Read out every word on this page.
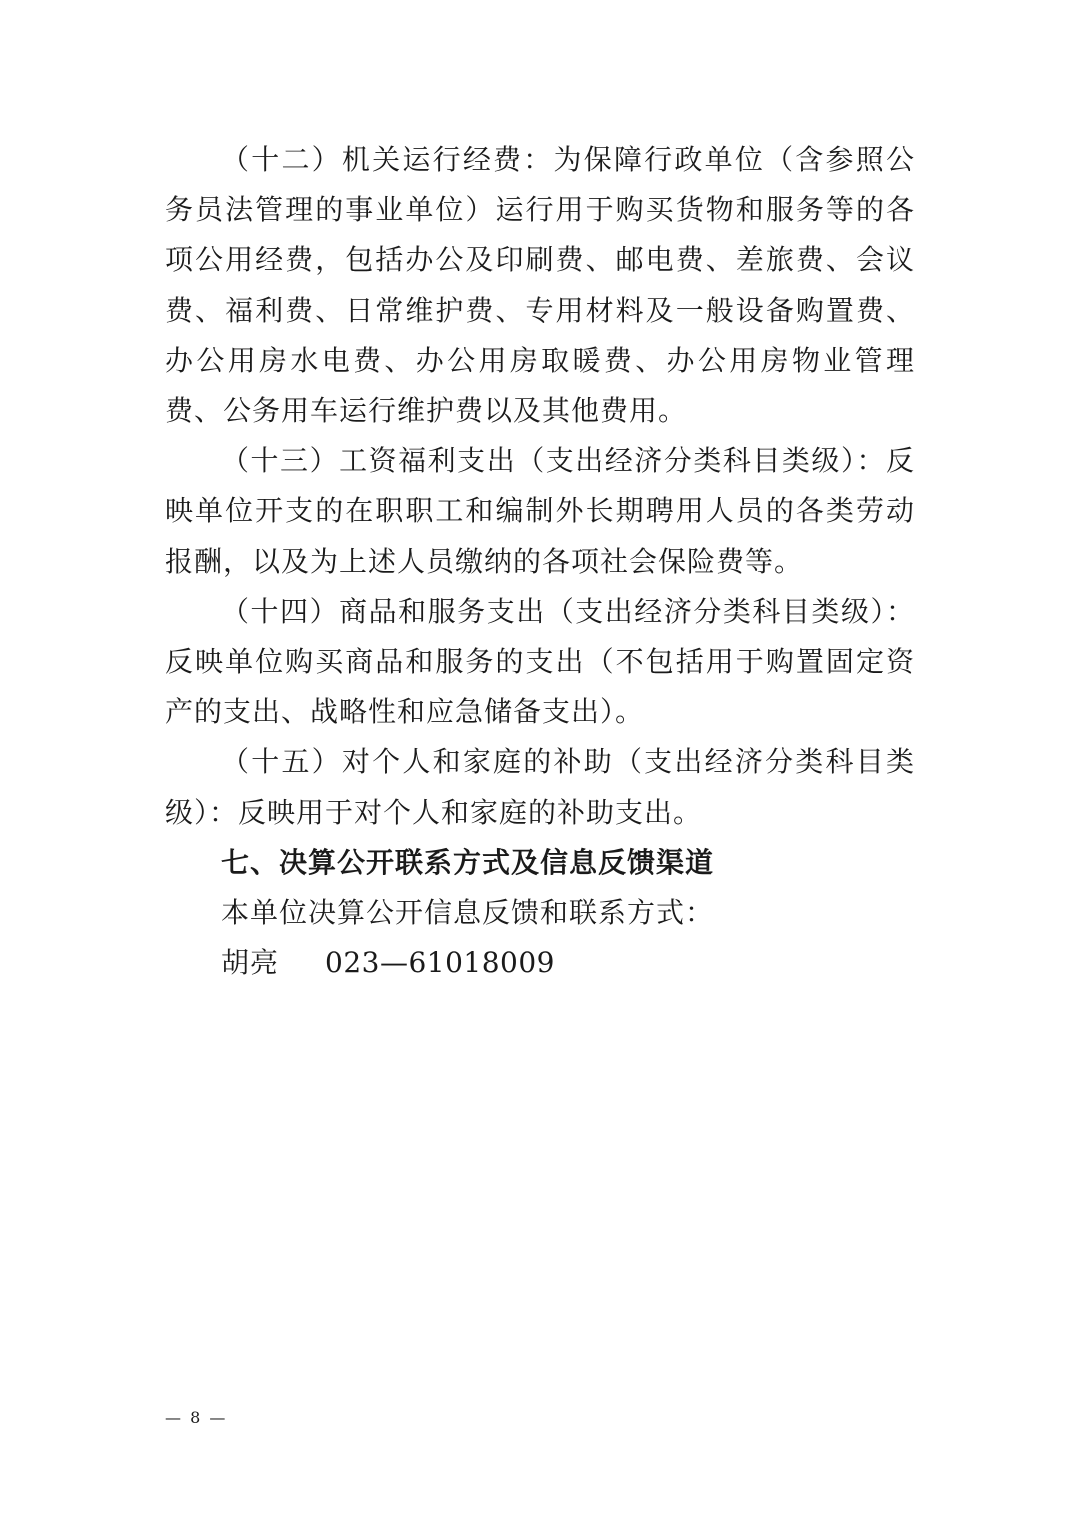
（十二）机关运行经费：为保障行政单位（含参照公务员法管理的事业单位）运行用于购买货物和服务等的各项公用经费，包括办公及印刷费、邮电费、差旅费、会议费、福利费、日常维护费、专用材料及一般设备购置费、办公用房水电费、办公用房取暖费、办公用房物业管理费、公务用车运行维护费以及其他费用。

（十三）工资福利支出（支出经济分类科目类级）：反映单位开支的在职职工和编制外长期聘用人员的各类劳动报酬，以及为上述人员缴纳的各项社会保险费等。

（十四）商品和服务支出（支出经济分类科目类级）：反映单位购买商品和服务的支出（不包括用于购置固定资产的支出、战略性和应急储备支出）。

（十五）对个人和家庭的补助（支出经济分类科目类级）：反映用于对个人和家庭的补助支出。

七、决算公开联系方式及信息反馈渠道

本单位决算公开信息反馈和联系方式：

胡亮 023—61018009

— 8 —
